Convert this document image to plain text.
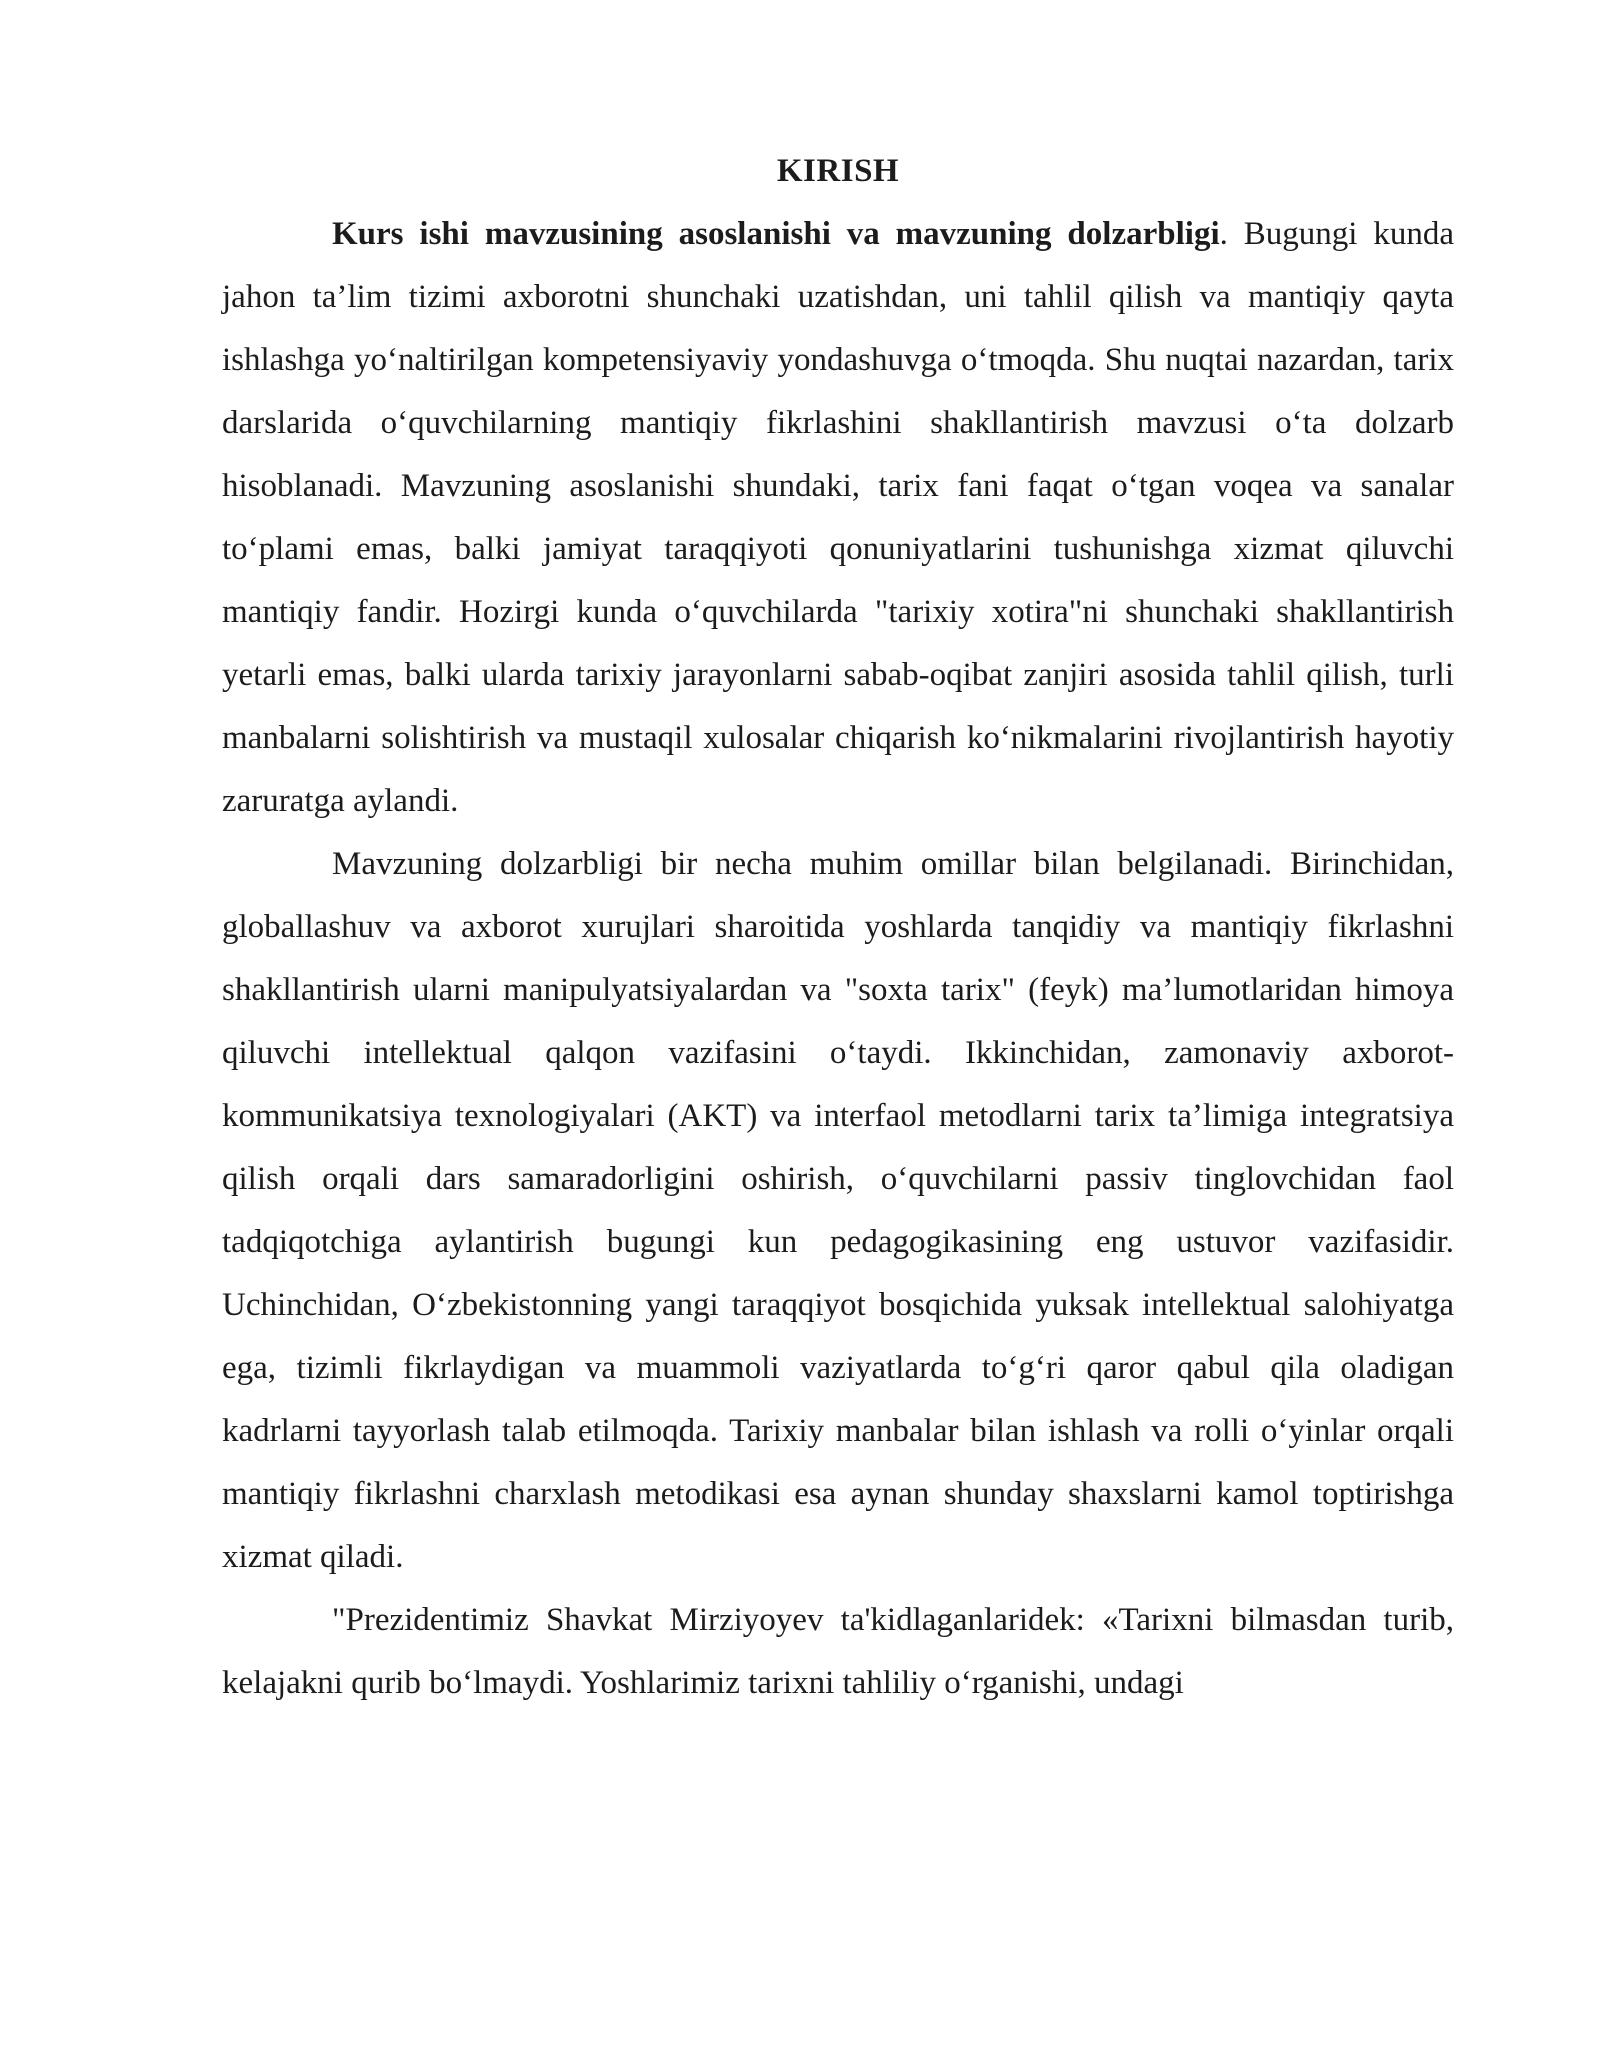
KIRISH

Kurs ishi mavzusining asoslanishi va mavzuning dolzarbligi. Bugungi kunda jahon ta’lim tizimi axborotni shunchaki uzatishdan, uni tahlil qilish va mantiqiy qayta ishlashga yo‘naltirilgan kompetensiyaviy yondashuvga o‘tmoqda. Shu nuqtai nazardan, tarix darslarida o‘quvchilarning mantiqiy fikrlashini shakllantirish mavzusi o‘ta dolzarb hisoblanadi. Mavzuning asoslanishi shundaki, tarix fani faqat o‘tgan voqea va sanalar to‘plami emas, balki jamiyat taraqqiyoti qonuniyatlarini tushunishga xizmat qiluvchi mantiqiy fandir. Hozirgi kunda o‘quvchilarda "tarixiy xotira"ni shunchaki shakllantirish yetarli emas, balki ularda tarixiy jarayonlarni sabab-oqibat zanjiri asosida tahlil qilish, turli manbalarni solishtirish va mustaqil xulosalar chiqarish ko‘nikmalarini rivojlantirish hayotiy zaruratga aylandi.

Mavzuning dolzarbligi bir necha muhim omillar bilan belgilanadi. Birinchidan, globallashuv va axborot xurujlari sharoitida yoshlarda tanqidiy va mantiqiy fikrlashni shakllantirish ularni manipulyatsiyalardan va "soxta tarix" (feyk) ma’lumotlaridan himoya qiluvchi intellektual qalqon vazifasini o‘taydi. Ikkinchidan, zamonaviy axborot-kommunikatsiya texnologiyalari (AKT) va interfaol metodlarni tarix ta’limiga integratsiya qilish orqali dars samaradorligini oshirish, o‘quvchilarni passiv tinglovchidan faol tadqiqotchiga aylantirish bugungi kun pedagogikasining eng ustuvor vazifasidir. Uchinchidan, O‘zbekistonning yangi taraqqiyot bosqichida yuksak intellektual salohiyatga ega, tizimli fikrlaydigan va muammoli vaziyatlarda to‘g‘ri qaror qabul qila oladigan kadrlarni tayyorlash talab etilmoqda. Tarixiy manbalar bilan ishlash va rolli o‘yinlar orqali mantiqiy fikrlashni charxlash metodikasi esa aynan shunday shaxslarni kamol toptirishga xizmat qiladi.

"Prezidentimiz Shavkat Mirziyoyev ta'kidlaganlaridek: «Tarixni bilmasdan turib, kelajakni qurib bo‘lmaydi. Yoshlarimiz tarixni tahliliy o‘rganishi, undagi
